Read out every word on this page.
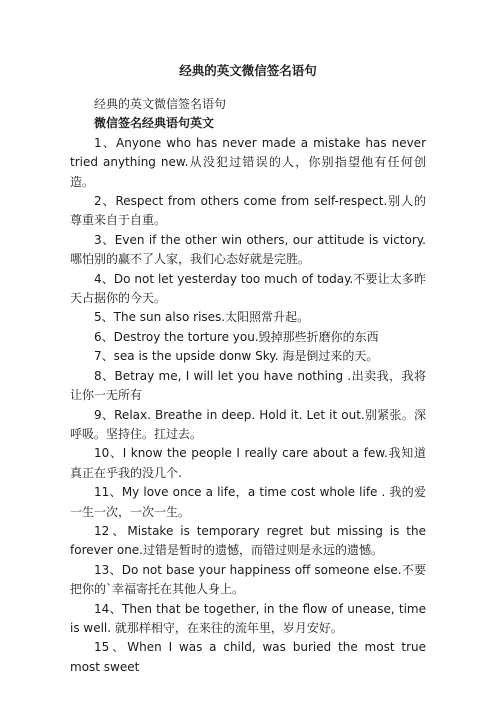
经典的英文微信签名语句

经典的英文微信签名语句

微信签名经典语句英文

1、Anyone who has never made a mistake has never tried anything new.从没犯过错误的人，你别指望他有任何创造。

2、Respect from others come from self-respect.别人的尊重来自于自重。

3、Even if the other win others, our attitude is victory.哪怕别的赢不了人家，我们心态好就是完胜。

4、Do not let yesterday too much of today.不要让太多昨天占据你的今天。

5、The sun also rises.太阳照常升起。

6、Destroy the torture you.毁掉那些折磨你的东西

7、sea is the upside donw Sky. 海是倒过来的天。

8、Betray me, I will let you have nothing .出卖我，我将让你一无所有

9、Relax. Breathe in deep. Hold it. Let it out.别紧张。深呼吸。坚持住。扛过去。

10、I know the people I really care about a few.我知道 真正在乎我的没几个.

11、My love once a life，a time cost whole life . 我的爱一生一次，一次一生。

12、Mistake is temporary regret but missing is the forever one.过错是暂时的遗憾，而错过则是永远的遗憾。

13、Do not base your happiness off someone else.不要把你的`幸福寄托在其他人身上。

14、Then that be together, in the flow of unease, time is well. 就那样相守，在来往的流年里，岁月安好。

15、When I was a child, was buried the most true most sweet
